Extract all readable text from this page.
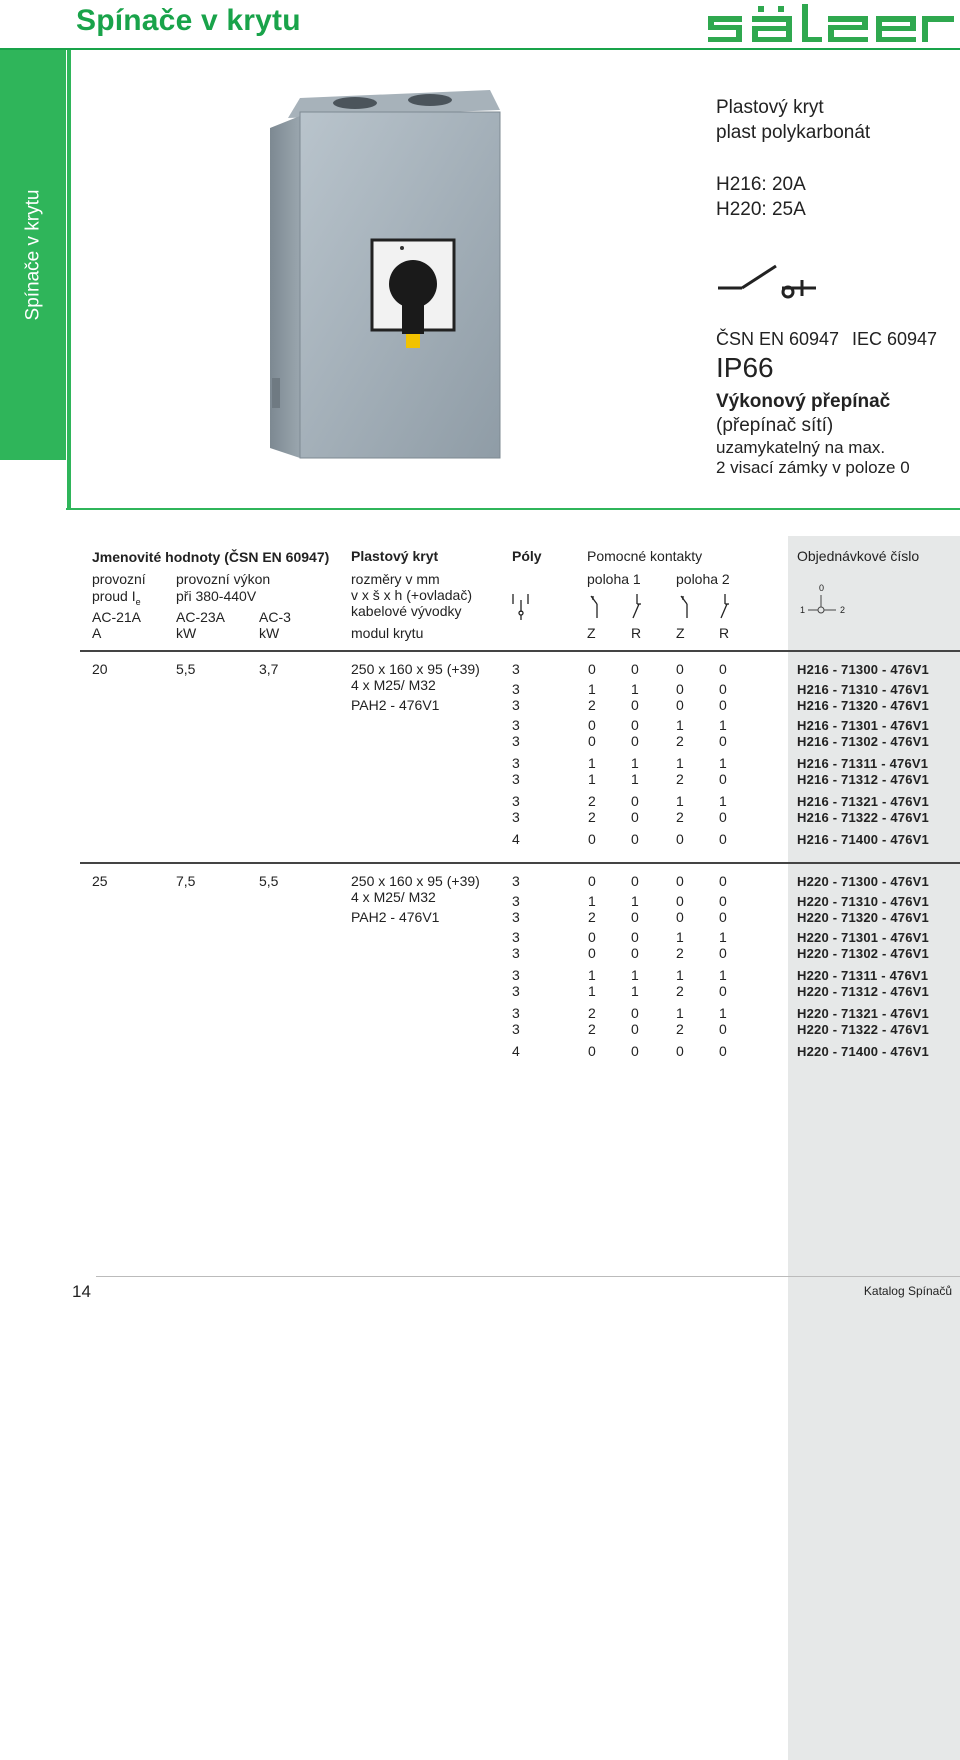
Spínače v krytu
Spínače v krytu
Plastový kryt
plast polykarbonát
H216: 20A
H220: 25A
ČSN EN 60947 IEC 60947
IP66
Výkonový přepínač
(přepínač sítí)
uzamykatelný na max.
2 visací zámky v poloze 0
Jmenovité hodnoty (ČSN EN 60947)
provozní
proud $I_e$
provozní výkon
při 380-440V
AC-21A AC-23A AC-3
A	kW	kW
Plastový kryt
rozměry v mm
v x š x h (+ovladač)
kabelové vývodky
modul krytu
Póly	Pomocné kontakty
poloha 1	poloha 2
Z	R Z R
Objednávkové číslo
0
1	2
20	5,5	3,7	250 x 160 x 95 (+39)
4 x M25/ M32
PAH2 - 476V1
3	0	0	0	0	H216 - 71300 - 476V1
3	1	1	0	0	H216 - 71310 - 476V1
3	2	0	0	0	H216 - 71320 - 476V1
3	0	0	1	1	H216 - 71301 - 476V1
3	0	0	2	0	H216 - 71302 - 476V1
3	1	1	1	1	H216 - 71311 - 476V1
3	1	1	2	0	H216 - 71312 - 476V1
3	2	0	1	1	H216 - 71321 - 476V1
3	2	0	2	0	H216 - 71322 - 476V1
4	0	0	0	0	H216 - 71400 - 476V1
25	7,5	5,5	250 x 160 x 95 (+39)
4 x M25/ M32
PAH2 - 476V1
3	0	0	0	0	H220 - 71300 - 476V1
3	1	1	0	0	H220 - 71310 - 476V1
3	2	0	0	0	H220 - 71320 - 476V1
3	0	0	1	1	H220 - 71301 - 476V1
3	0	0	2	0	H220 - 71302 - 476V1
3	1	1	1	1	H220 - 71311 - 476V1
3	1	1	2	0	H220 - 71312 - 476V1
3	2	0	1	1	H220 - 71321 - 476V1
3	2	0	2	0	H220 - 71322 - 476V1
4	0	0	0	0	H220 - 71400 - 476V1
14	Katalog Spínačů
